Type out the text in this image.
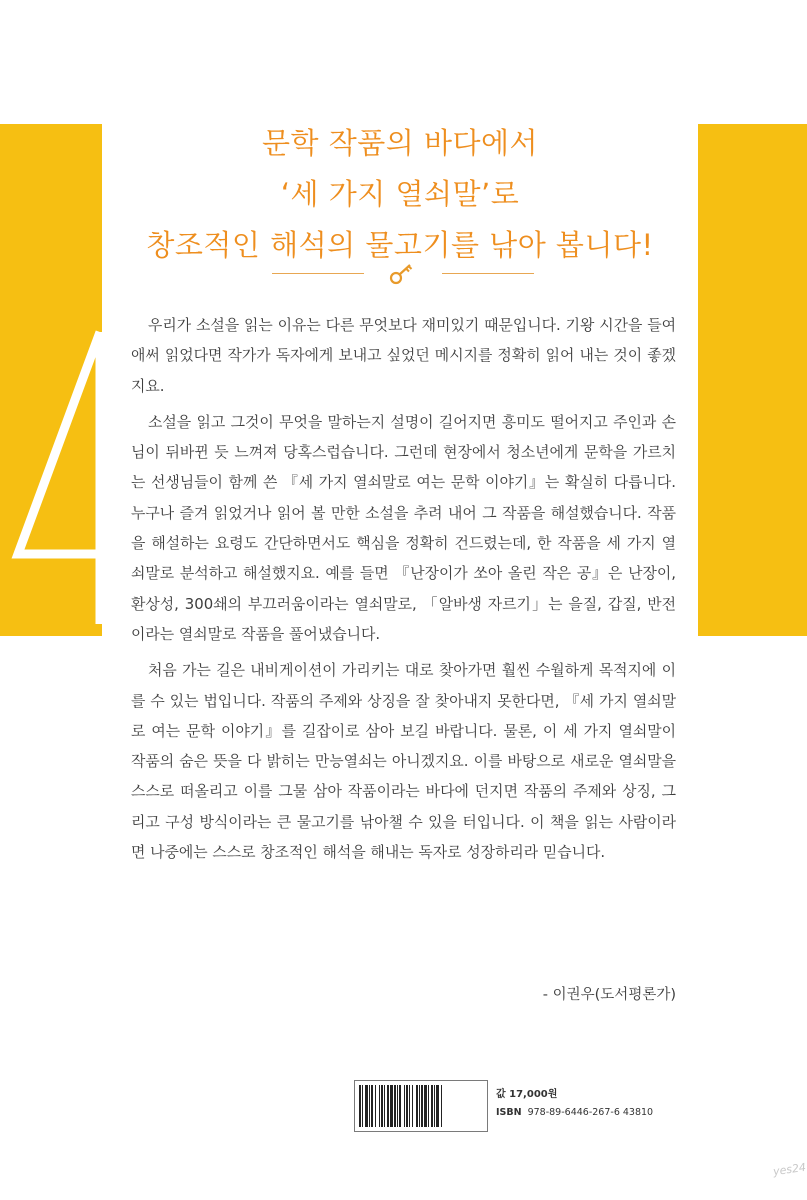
문학 작품의 바다에서
‘세 가지 열쇠말’로
창조적인 해석의 물고기를 낚아 봅니다!

우리가 소설을 읽는 이유는 다른 무엇보다 재미있기 때문입니다. 기왕 시간을 들여 애써 읽었다면 작가가 독자에게 보내고 싶었던 메시지를 정확히 읽어 내는 것이 좋겠지요.

소설을 읽고 그것이 무엇을 말하는지 설명이 길어지면 흥미도 떨어지고 주인과 손님이 뒤바뀐 듯 느껴져 당혹스럽습니다. 그런데 현장에서 청소년에게 문학을 가르치는 선생님들이 함께 쓴 『세 가지 열쇠말로 여는 문학 이야기』는 확실히 다릅니다. 누구나 즐겨 읽었거나 읽어 볼 만한 소설을 추려 내어 그 작품을 해설했습니다. 작품을 해설하는 요령도 간단하면서도 핵심을 정확히 건드렸는데, 한 작품을 세 가지 열쇠말로 분석하고 해설했지요. 예를 들면 『난장이가 쏘아 올린 작은 공』은 난장이, 환상성, 300쇄의 부끄러움이라는 열쇠말로, 「알바생 자르기」는 을질, 갑질, 반전이라는 열쇠말로 작품을 풀어냈습니다.

처음 가는 길은 내비게이션이 가리키는 대로 찾아가면 훨씬 수월하게 목적지에 이를 수 있는 법입니다. 작품의 주제와 상징을 잘 찾아내지 못한다면, 『세 가지 열쇠말로 여는 문학 이야기』를 길잡이로 삼아 보길 바랍니다. 물론, 이 세 가지 열쇠말이 작품의 숨은 뜻을 다 밝히는 만능열쇠는 아니겠지요. 이를 바탕으로 새로운 열쇠말을 스스로 떠올리고 이를 그물 삼아 작품이라는 바다에 던지면 작품의 주제와 상징, 그리고 구성 방식이라는 큰 물고기를 낚아챌 수 있을 터입니다. 이 책을 읽는 사람이라면 나중에는 스스로 창조적인 해석을 해내는 독자로 성장하리라 믿습니다.

- 이권우(도서평론가)
값 17,000원
ISBN 978-89-6446-267-6 43810
yes24
